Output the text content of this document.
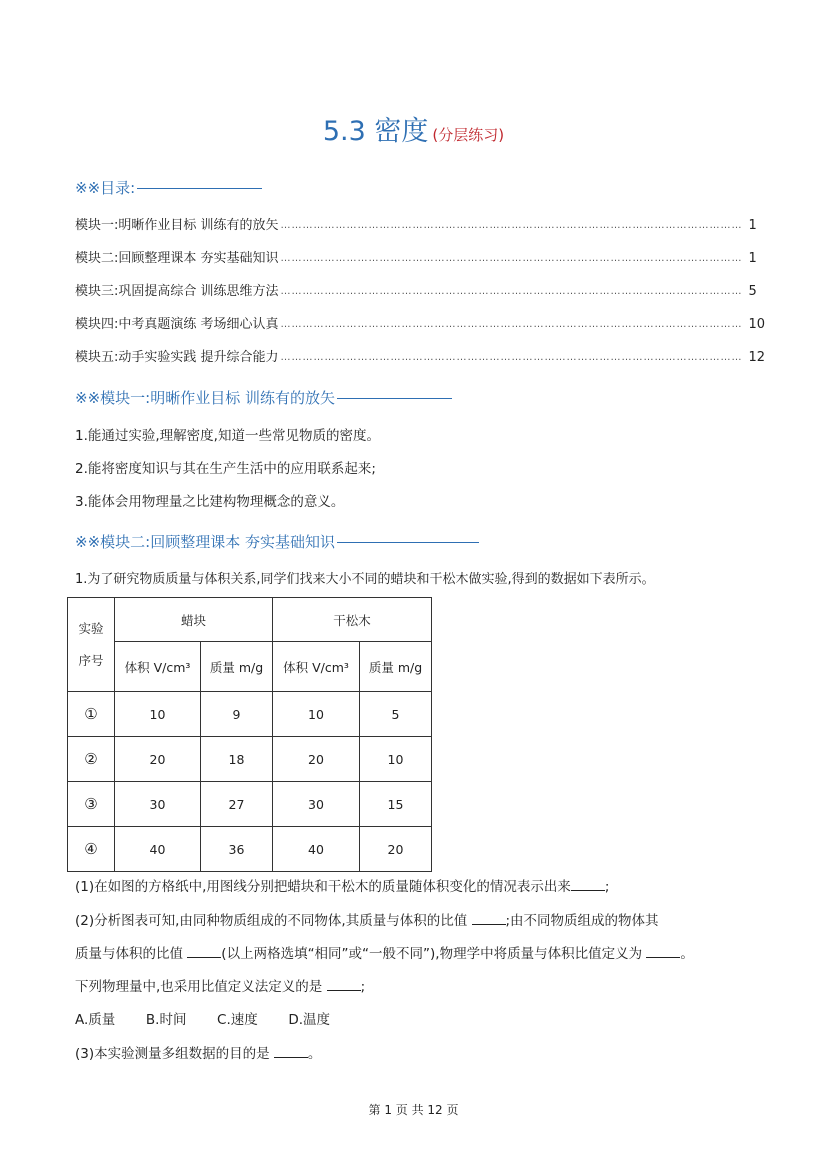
5.3 密度 (分层练习)
※※目录:
模块一:明晰作业目标 训练有的放矢 ……………………………………………………………………………………………………………… 1
模块二:回顾整理课本 夯实基础知识 ……………………………………………………………………………………………………………… 1
模块三:巩固提高综合 训练思维方法 ……………………………………………………………………………………………………………… 5
模块四:中考真题演练 考场细心认真 ……………………………………………………………………………………………………………… 10
模块五:动手实验实践 提升综合能力 ……………………………………………………………………………………………………………… 12
※※模块一:明晰作业目标 训练有的放矢
1.能通过实验,理解密度,知道一些常见物质的密度。
2.能将密度知识与其在生产生活中的应用联系起来;
3.能体会用物理量之比建构物理概念的意义。
※※模块二:回顾整理课本 夯实基础知识
1.为了研究物质质量与体积关系,同学们找来大小不同的蜡块和干松木做实验,得到的数据如下表所示。
实验
序号	蜡块		干松木	
	体积 V/cm³	质量 m/g	体积 V/cm³	质量 m/g
①	10	9	10	5
②	20	18	20	10
③	30	27	30	15
④	40	36	40	20
(1)在如图的方格纸中,用图线分别把蜡块和干松木的质量随体积变化的情况表示出来	;
(2)分析图表可知,由同种物质组成的不同物体,其质量与体积的比值	;由不同物质组成的物体其
质量与体积的比值	(以上两格选填“相同”或“一般不同”),物理学中将质量与体积比值定义为	。
下列物理量中,也采用比值定义法定义的是	;
A.质量 B.时间 C.速度 D.温度
(3)本实验测量多组数据的目的是	。
第 1 页 共 12 页
